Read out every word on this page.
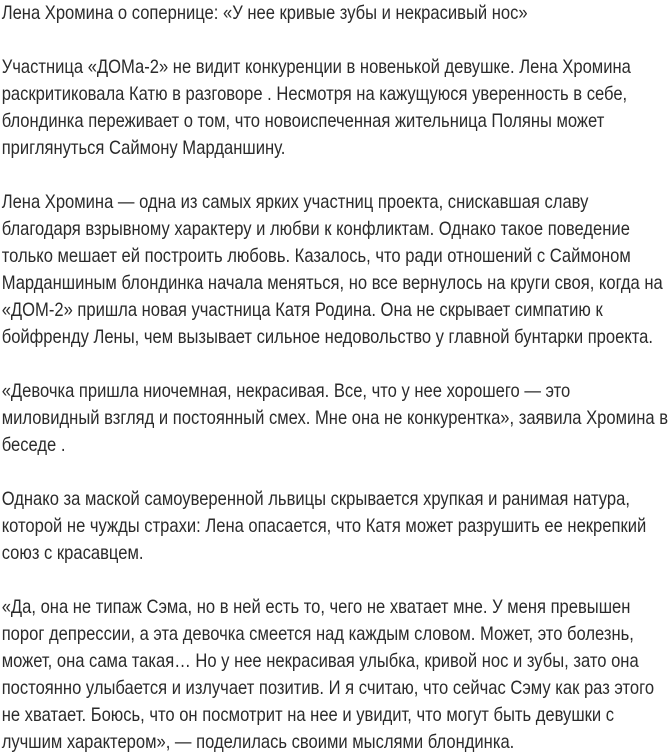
Лена Хромина о сопернице: «У нее кривые зубы и некрасивый нос»

Участница «ДОМа-2» не видит конкуренции в новенькой девушке. Лена Хромина раскритиковала Катю в разговоре . Несмотря на кажущуюся уверенность в себе, блондинка переживает о том, что новоиспеченная жительница Поляны может приглянуться Саймону Марданшину.

Лена Хромина — одна из самых ярких участниц проекта, снискавшая славу благодаря взрывному характеру и любви к конфликтам. Однако такое поведение только мешает ей построить любовь. Казалось, что ради отношений с Саймоном Марданшиным блондинка начала меняться, но все вернулось на круги своя, когда на «ДОМ-2» пришла новая участница Катя Родина. Она не скрывает симпатию к бойфренду Лены, чем вызывает сильное недовольство у главной бунтарки проекта.

«Девочка пришла ниочемная, некрасивая. Все, что у нее хорошего — это миловидный взгляд и постоянный смех. Мне она не конкурентка», заявила Хромина в беседе .

Однако за маской самоуверенной львицы скрывается хрупкая и ранимая натура, которой не чужды страхи: Лена опасается, что Катя может разрушить ее некрепкий союз с красавцем.

«Да, она не типаж Сэма, но в ней есть то, чего не хватает мне. У меня превышен порог депрессии, а эта девочка смеется над каждым словом. Может, это болезнь, может, она сама такая… Но у нее некрасивая улыбка, кривой нос и зубы, зато она постоянно улыбается и излучает позитив. И я считаю, что сейчас Сэму как раз этого не хватает. Боюсь, что он посмотрит на нее и увидит, что могут быть девушки с лучшим характером», — поделилась своими мыслями блондинка.
